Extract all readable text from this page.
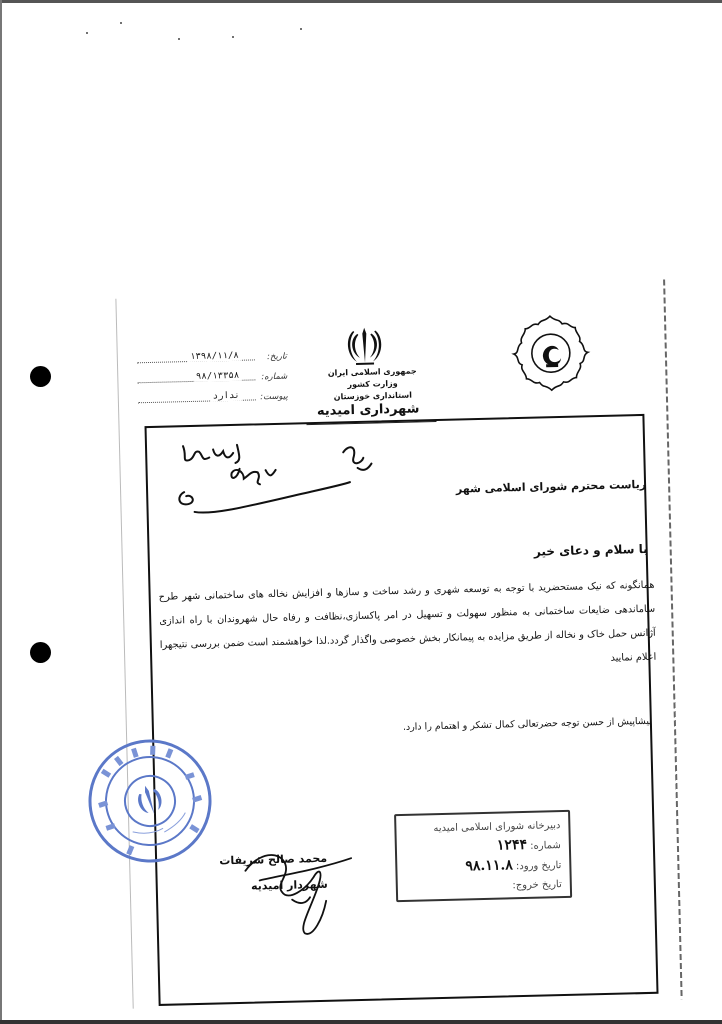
جمهوری اسلامی ایران
وزارت کشور
استانداری خوزستان
شهرداری امیدیه
تاریخ:
۱۳۹۸/۱۱/۸
شماره:
۹۸/۱۳۳۵۸
پیوست:
ندارد
ریاست محترم شورای اسلامی شهر
با سلام و دعای خیر
همانگونه که نیک مستحضرید با توجه به توسعه شهری و رشد ساخت و سازها و افزایش نخاله های ساختمانی شهر طرح ساماندهی ضایعات ساختمانی به منظور سهولت و تسهیل در امر پاکسازی،نظافت و رفاه حال شهروندان با راه اندازی آژانس حمل خاک و نخاله از طریق مزایده به پیمانکار بخش خصوصی واگذار گردد.لذا خواهشمند است ضمن بررسی نتیجهرا اعلام نمایید
پیشاپیش از حسن توجه حضرتعالی کمال تشکر و اهتمام را دارد.
محمد صالح شریفات
شهردار امیدیه
دبیرخانه شورای اسلامی امیدیه
شماره: ۱۲۴۴
تاریخ ورود: ۹۸.۱۱.۸
تاریخ خروج:
